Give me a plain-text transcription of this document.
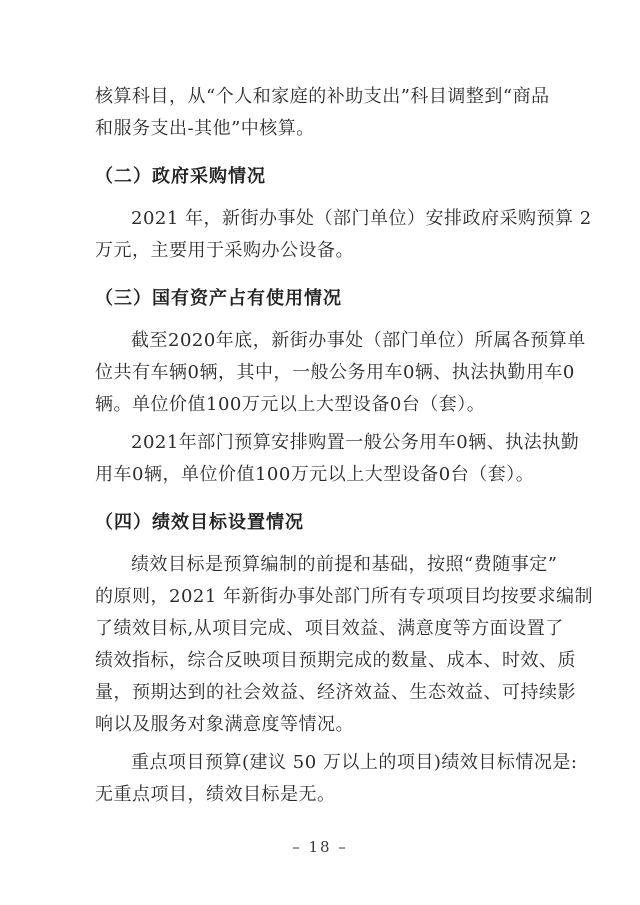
核算科目，从“个人和家庭的补助支出”科目调整到“商品
和服务支出-其他”中核算。
（二）政府采购情况
2021 年，新街办事处（部门单位）安排政府采购预算 2
万元，主要用于采购办公设备。
（三）国有资产占有使用情况
截至2020年底，新街办事处（部门单位）所属各预算单
位共有车辆0辆，其中，一般公务用车0辆、执法执勤用车0
辆。单位价值100万元以上大型设备0台（套）。
2021年部门预算安排购置一般公务用车0辆、执法执勤
用车0辆，单位价值100万元以上大型设备0台（套）。
（四）绩效目标设置情况
绩效目标是预算编制的前提和基础，按照“费随事定”
的原则，2021 年新街办事处部门所有专项项目均按要求编制
了绩效目标,从项目完成、项目效益、满意度等方面设置了
绩效指标，综合反映项目预期完成的数量、成本、时效、质
量，预期达到的社会效益、经济效益、生态效益、可持续影
响以及服务对象满意度等情况。
重点项目预算(建议 50 万以上的项目)绩效目标情况是:
无重点项目，绩效目标是无。
– 18 –
